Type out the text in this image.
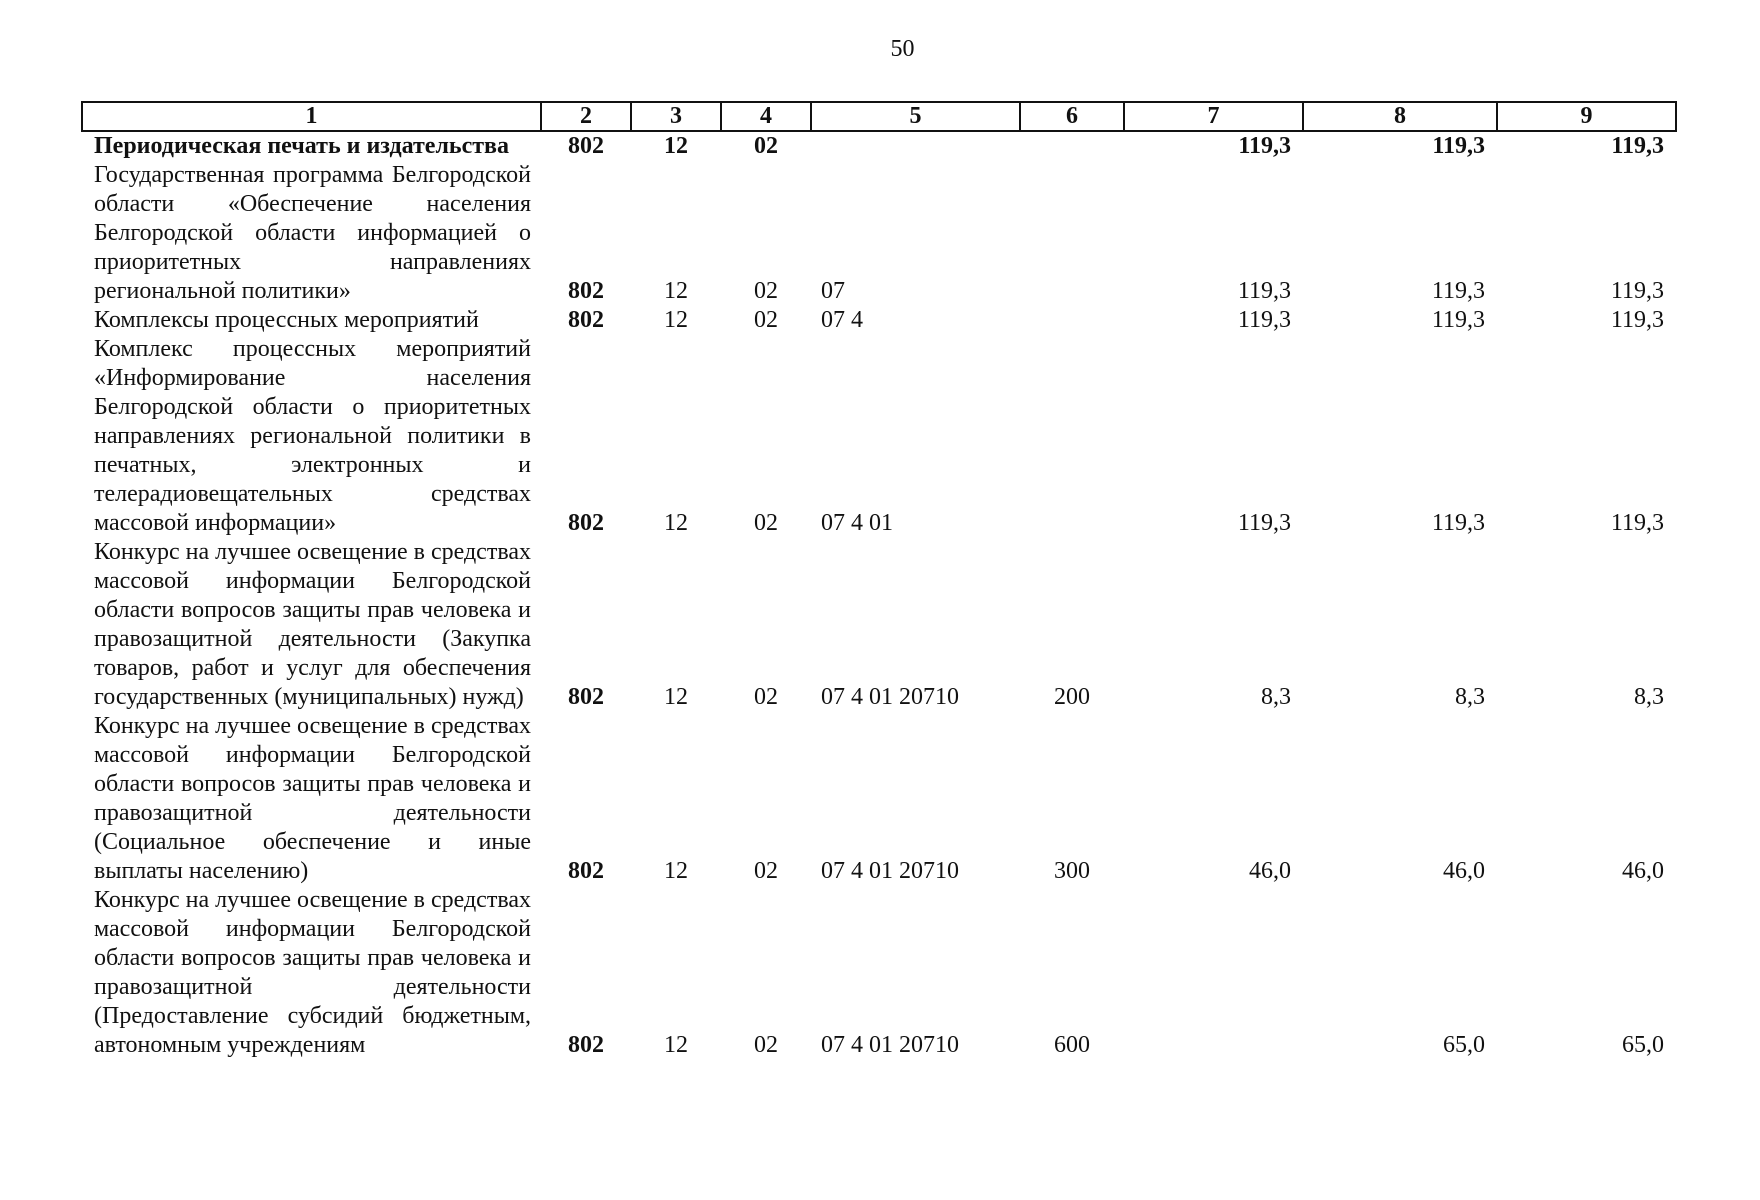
50
1	2	3	4	5	6	7	8	9
Периодическая печать и издательства	802	12	02			119,3	119,3	119,3
Государственная программа Белгородской области «Обеспечение населения Белгородской области информацией о приоритетных направлениях региональной политики»	802	12	02	07		119,3	119,3	119,3
Комплексы процессных мероприятий	802	12	02	07 4		119,3	119,3	119,3
Комплекс процессных мероприятий «Информирование населения Белгородской области о приоритетных направлениях региональной политики в печатных, электронных и телерадиовещательных средствах массовой информации»	802	12	02	07 4 01		119,3	119,3	119,3
Конкурс на лучшее освещение в средствах массовой информации Белгородской области вопросов защиты прав человека и правозащитной деятельности (Закупка товаров, работ и услуг для обеспечения государственных (муниципальных) нужд)	802	12	02	07 4 01 20710	200	8,3	8,3	8,3
Конкурс на лучшее освещение в средствах массовой информации Белгородской области вопросов защиты прав человека и правозащитной деятельности (Социальное обеспечение и иные выплаты населению)	802	12	02	07 4 01 20710	300	46,0	46,0	46,0
Конкурс на лучшее освещение в средствах массовой информации Белгородской области вопросов защиты прав человека и правозащитной деятельности (Предоставление субсидий бюджетным, автономным учреждениям	802	12	02	07 4 01 20710	600		65,0	65,0
